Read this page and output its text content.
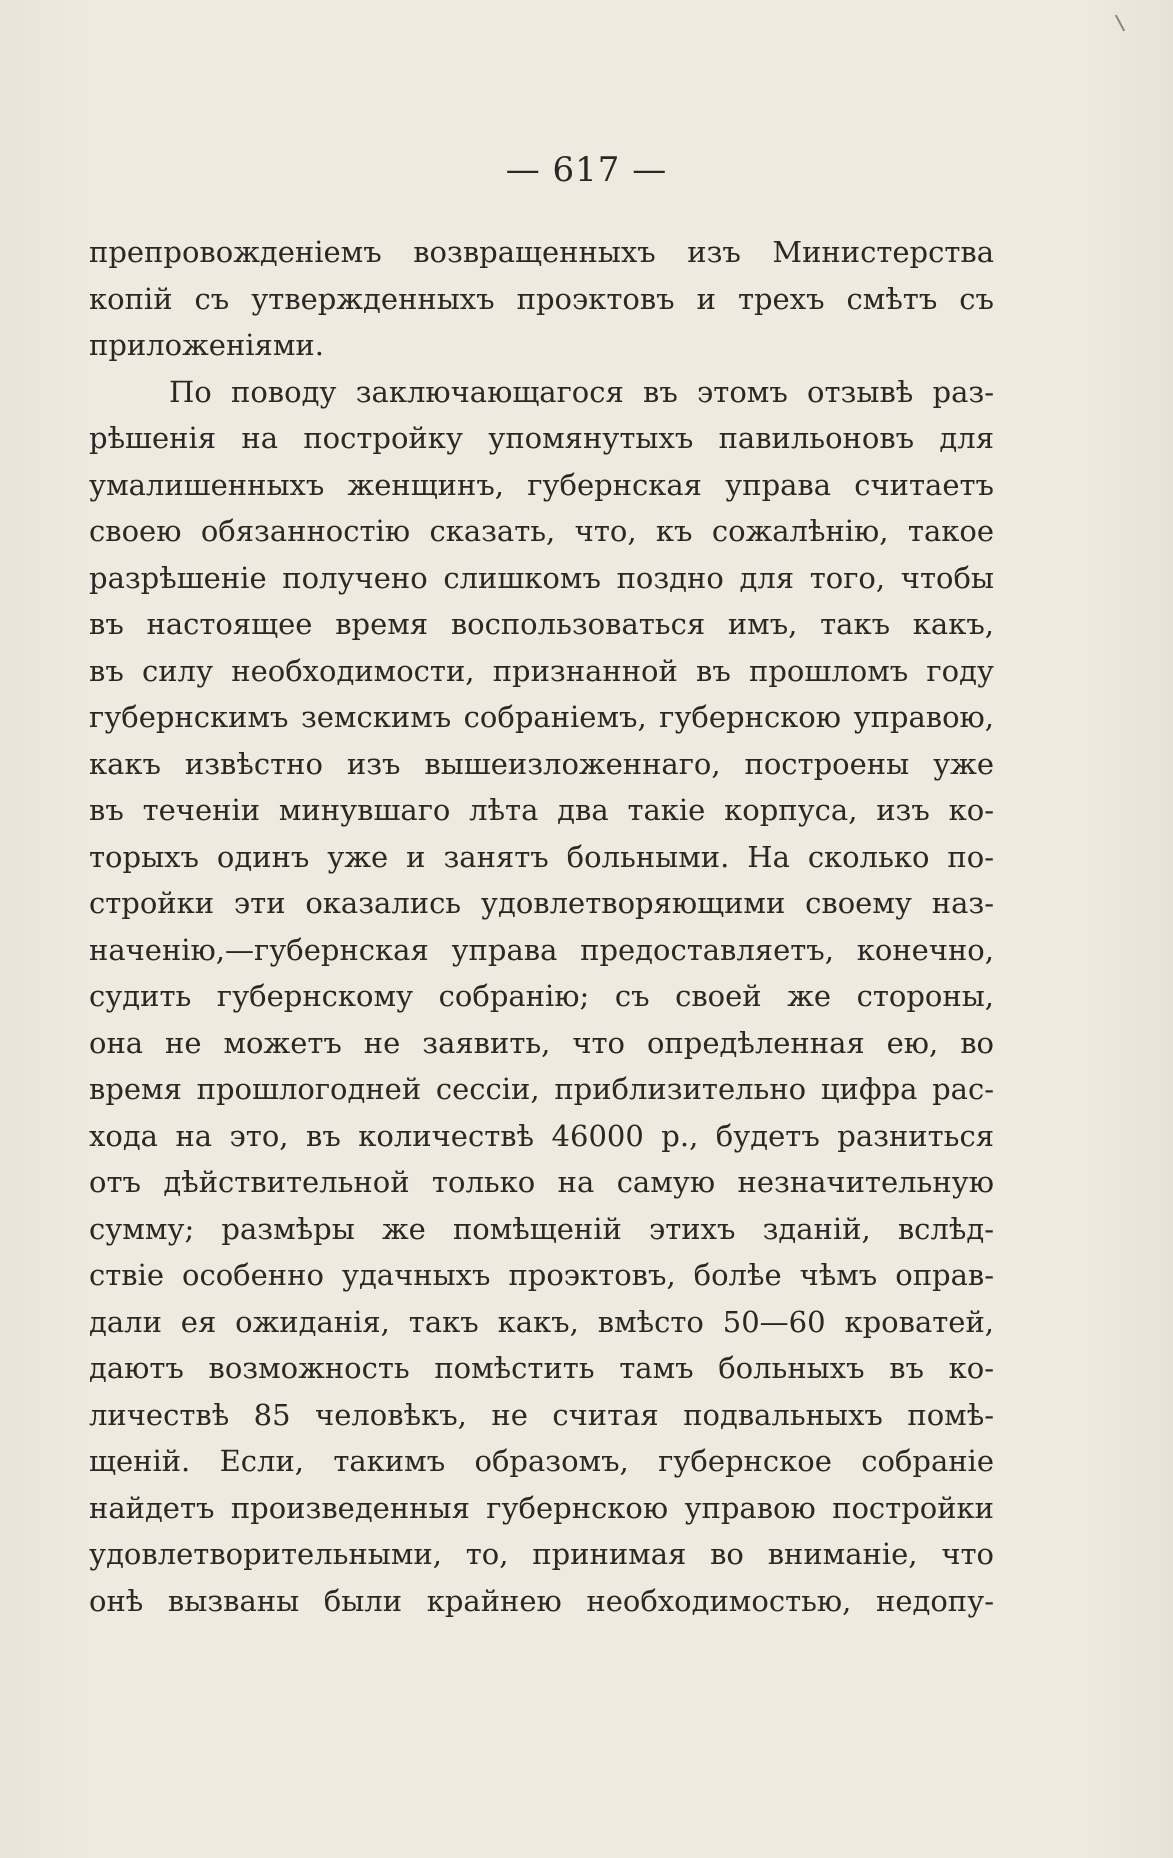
— 617 —
препровожденіемъ возвращенныхъ изъ Министерства
копій съ утвержденныхъ проэктовъ и трехъ смѣтъ съ
приложеніями.
По поводу заключающагося въ этомъ отзывѣ раз-
рѣшенія на постройку упомянутыхъ павильоновъ для
умалишенныхъ женщинъ, губернская управа считаетъ
своею обязанностію сказать, что, къ сожалѣнію, такое
разрѣшеніе получено слишкомъ поздно для того, чтобы
въ настоящее время воспользоваться имъ, такъ какъ,
въ силу необходимости, признанной въ прошломъ году
губернскимъ земскимъ собраніемъ, губернскою управою,
какъ извѣстно изъ вышеизложеннаго, построены уже
въ теченіи минувшаго лѣта два такіе корпуса, изъ ко-
торыхъ одинъ уже и занятъ больными. На сколько по-
стройки эти оказались удовлетворяющими своему наз-
наченію,—губернская управа предоставляетъ, конечно,
судить губернскому собранію; съ своей же стороны,
она не можетъ не заявить, что опредѣленная ею, во
время прошлогодней сессіи, приблизительно цифра рас-
хода на это, въ количествѣ 46000 р., будетъ разниться
отъ дѣйствительной только на самую незначительную
сумму; размѣры же помѣщеній этихъ зданій, вслѣд-
ствіе особенно удачныхъ проэктовъ, болѣе чѣмъ оправ-
дали ея ожиданія, такъ какъ, вмѣсто 50—60 кроватей,
даютъ возможность помѣстить тамъ больныхъ въ ко-
личествѣ 85 человѣкъ, не считая подвальныхъ помѣ-
щеній. Если, такимъ образомъ, губернское собраніе
найдетъ произведенныя губернскою управою постройки
удовлетворительными, то, принимая во вниманіе, что
онѣ вызваны были крайнею необходимостью, недопу-
